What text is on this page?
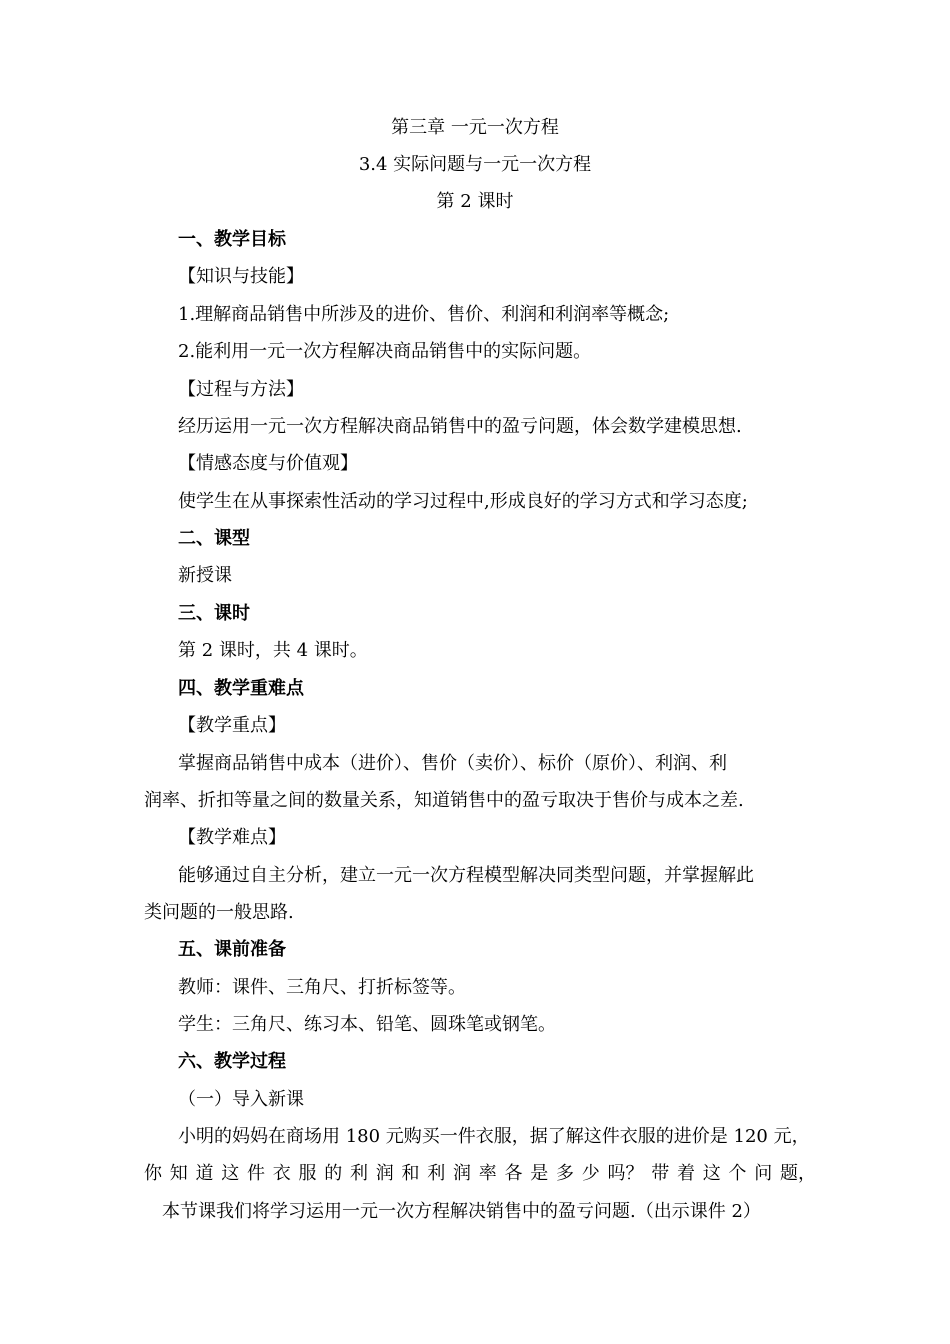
第三章 一元一次方程
3.4 实际问题与一元一次方程
第 2 课时
一、教学目标
【知识与技能】
1.理解商品销售中所涉及的进价、售价、利润和利润率等概念;
2.能利用一元一次方程解决商品销售中的实际问题。
【过程与方法】
经历运用一元一次方程解决商品销售中的盈亏问题，体会数学建模思想.
【情感态度与价值观】
使学生在从事探索性活动的学习过程中,形成良好的学习方式和学习态度;
二、课型
新授课
三、课时
第 2 课时，共 4 课时。
四、教学重难点
【教学重点】
掌握商品销售中成本（进价）、售价（卖价）、标价（原价）、利润、利
润率、折扣等量之间的数量关系，知道销售中的盈亏取决于售价与成本之差.
【教学难点】
能够通过自主分析，建立一元一次方程模型解决同类型问题，并掌握解此
类问题的一般思路.
五、课前准备
教师：课件、三角尺、打折标签等。
学生：三角尺、练习本、铅笔、圆珠笔或钢笔。
六、教学过程
（一）导入新课
小明的妈妈在商场用 180 元购买一件衣服，据了解这件衣服的进价是 120 元，
你 知 道 这 件 衣 服 的 利 润 和 利 润 率 各 是 多 少 吗？ 带 着 这 个 问 题，
本节课我们将学习运用一元一次方程解决销售中的盈亏问题.（出示课件 2）
